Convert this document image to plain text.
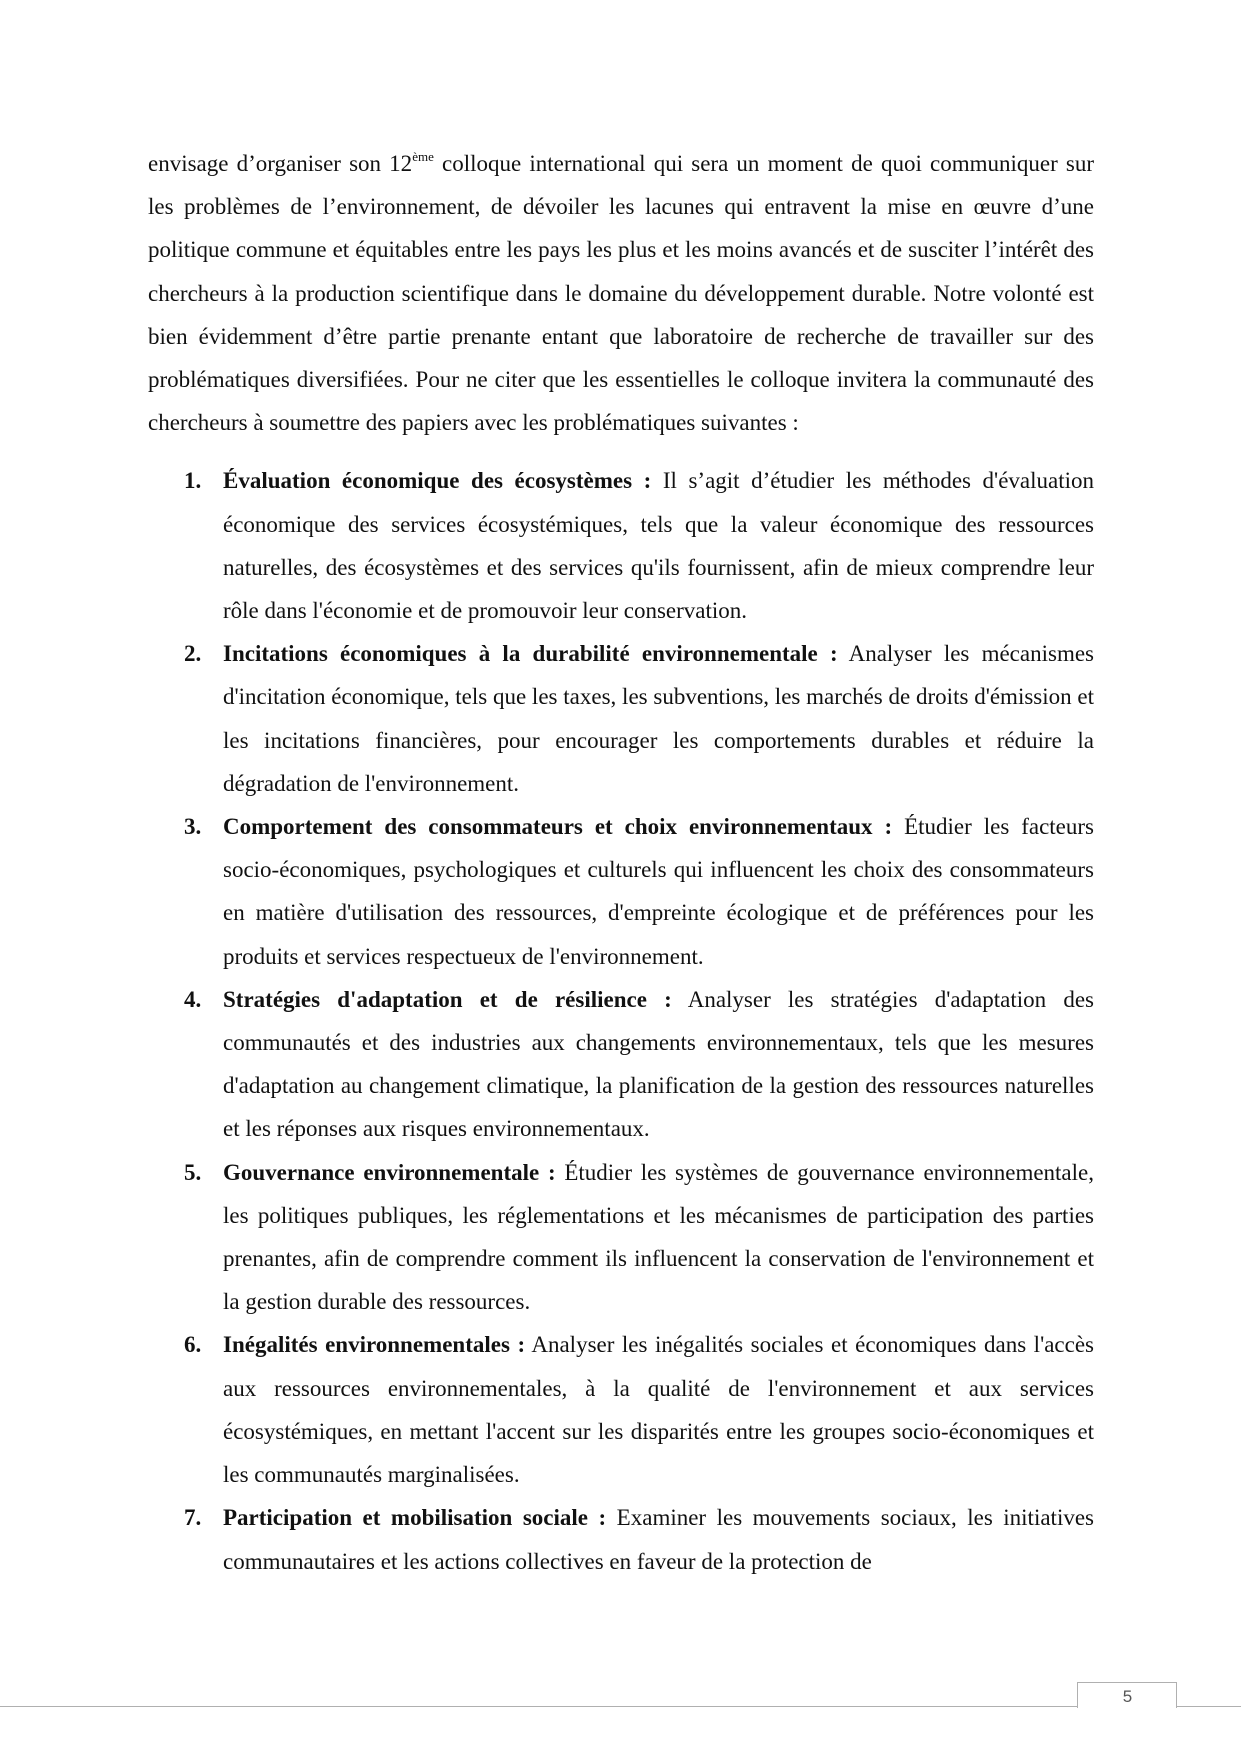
envisage d’organiser son 12ème colloque international qui sera un moment de quoi communiquer sur les problèmes de l’environnement, de dévoiler les lacunes qui entravent la mise en œuvre d’une politique commune et équitables entre les pays les plus et les moins avancés et de susciter l’intérêt des chercheurs à la production scientifique dans le domaine du développement durable. Notre volonté est bien évidemment d’être partie prenante entant que laboratoire de recherche de travailler sur des problématiques diversifiées. Pour ne citer que les essentielles le colloque invitera la communauté des chercheurs à soumettre des papiers avec les problématiques suivantes :

1. Évaluation économique des écosystèmes : Il s’agit d’étudier les méthodes d'évaluation économique des services écosystémiques, tels que la valeur économique des ressources naturelles, des écosystèmes et des services qu'ils fournissent, afin de mieux comprendre leur rôle dans l'économie et de promouvoir leur conservation.
2. Incitations économiques à la durabilité environnementale : Analyser les mécanismes d'incitation économique, tels que les taxes, les subventions, les marchés de droits d'émission et les incitations financières, pour encourager les comportements durables et réduire la dégradation de l'environnement.
3. Comportement des consommateurs et choix environnementaux : Étudier les facteurs socio-économiques, psychologiques et culturels qui influencent les choix des consommateurs en matière d'utilisation des ressources, d'empreinte écologique et de préférences pour les produits et services respectueux de l'environnement.
4. Stratégies d'adaptation et de résilience : Analyser les stratégies d'adaptation des communautés et des industries aux changements environnementaux, tels que les mesures d'adaptation au changement climatique, la planification de la gestion des ressources naturelles et les réponses aux risques environnementaux.
5. Gouvernance environnementale : Étudier les systèmes de gouvernance environnementale, les politiques publiques, les réglementations et les mécanismes de participation des parties prenantes, afin de comprendre comment ils influencent la conservation de l'environnement et la gestion durable des ressources.
6. Inégalités environnementales : Analyser les inégalités sociales et économiques dans l'accès aux ressources environnementales, à la qualité de l'environnement et aux services écosystémiques, en mettant l'accent sur les disparités entre les groupes socio-économiques et les communautés marginalisées.
7. Participation et mobilisation sociale : Examiner les mouvements sociaux, les initiatives communautaires et les actions collectives en faveur de la protection de
5
